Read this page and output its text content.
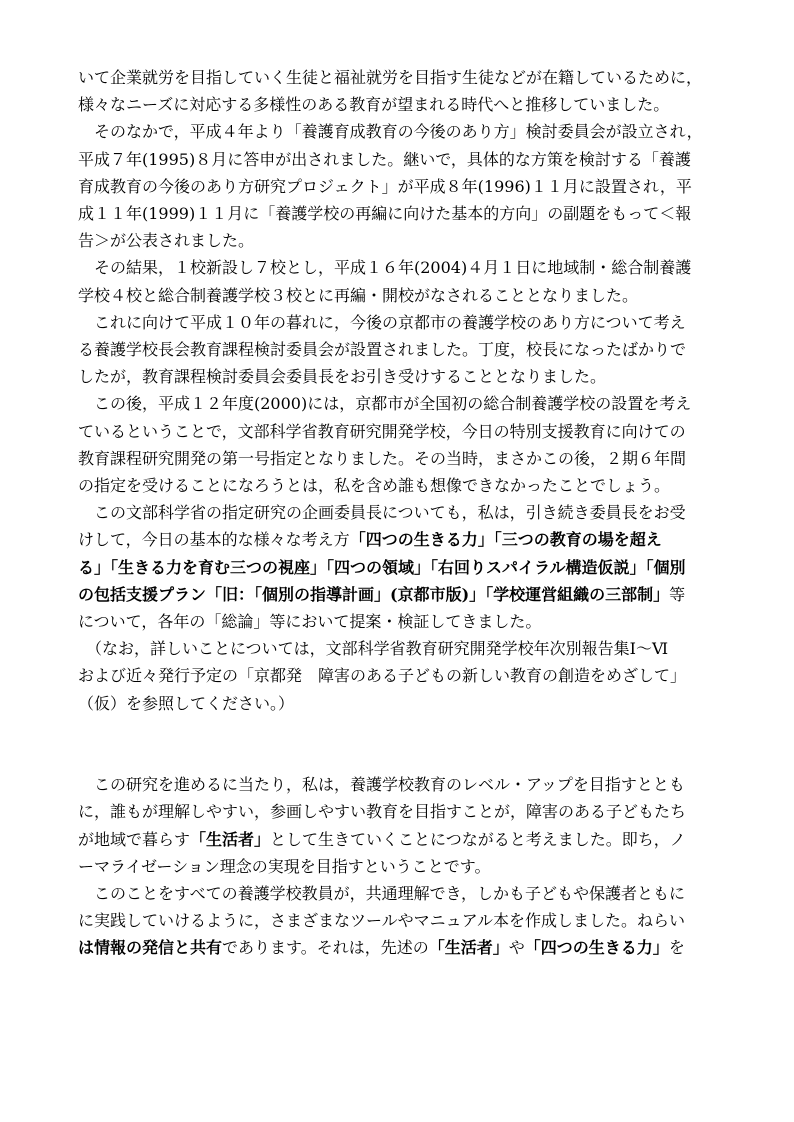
いて企業就労を目指していく生徒と福祉就労を目指す生徒などが在籍しているために，
様々なニーズに対応する多様性のある教育が望まれる時代へと推移していました。
　そのなかで，平成４年より「養護育成教育の今後のあり方」検討委員会が設立され，
平成７年(1995)８月に答申が出されました。継いで，具体的な方策を検討する「養護
育成教育の今後のあり方研究プロジェクト」が平成８年(1996)１１月に設置され，平
成１１年(1999)１１月に「養護学校の再編に向けた基本的方向」の副題をもって＜報
告＞が公表されました。
　その結果，１校新設し７校とし，平成１６年(2004)４月１日に地域制・総合制養護
学校４校と総合制養護学校３校とに再編・開校がなされることとなりました。
　これに向けて平成１０年の暮れに，今後の京都市の養護学校のあり方について考え
る養護学校長会教育課程検討委員会が設置されました。丁度，校長になったばかりで
したが，教育課程検討委員会委員長をお引き受けすることとなりました。
　この後，平成１２年度(2000)には，京都市が全国初の総合制養護学校の設置を考え
ているということで，文部科学省教育研究開発学校，今日の特別支援教育に向けての
教育課程研究開発の第一号指定となりました。その当時，まさかこの後，２期６年間
の指定を受けることになろうとは，私を含め誰も想像できなかったことでしょう。
　この文部科学省の指定研究の企画委員長についても，私は，引き続き委員長をお受
けして，今日の基本的な様々な考え方「四つの生きる力」「三つの教育の場を超え
る」「生きる力を育む三つの視座」「四つの領域」「右回りスパイラル構造仮説」「個別
の包括支援プラン「旧：「個別の指導計画」(京都市版)」「学校運営組織の三部制」等
について，各年の「総論」等において提案・検証してきました。
　（なお，詳しいことについては，文部科学省教育研究開発学校年次別報告集Ⅰ～Ⅵ
および近々発行予定の「京都発　障害のある子どもの新しい教育の創造をめざして」
（仮）を参照してください。）
　この研究を進めるに当たり，私は，養護学校教育のレベル・アップを目指すととも
に，誰もが理解しやすい，参画しやすい教育を目指すことが，障害のある子どもたち
が地域で暮らす「生活者」として生きていくことにつながると考えました。即ち，ノ
ーマライゼーション理念の実現を目指すということです。
　このことをすべての養護学校教員が，共通理解でき，しかも子どもや保護者ともに
に実践していけるように，さまざまなツールやマニュアル本を作成しました。ねらい
は情報の発信と共有であります。それは，先述の「生活者」や「四つの生きる力」を
